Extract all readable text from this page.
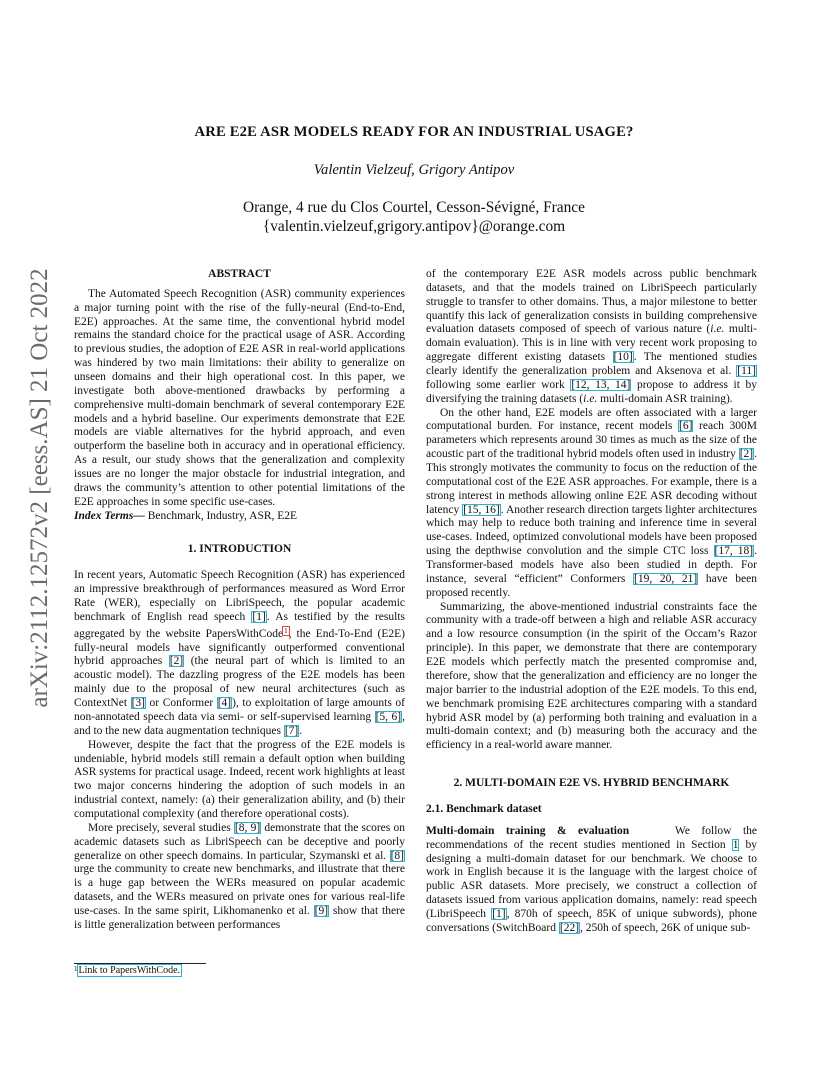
arXiv:2112.12572v2 [eess.AS] 21 Oct 2022
ARE E2E ASR MODELS READY FOR AN INDUSTRIAL USAGE?
Valentin Vielzeuf, Grigory Antipov
Orange, 4 rue du Clos Courtel, Cesson-Sévigné, France
{valentin.vielzeuf,grigory.antipov}@orange.com
ABSTRACT

The Automated Speech Recognition (ASR) community experiences a major turning point with the rise of the fully-neural (End-to-End, E2E) approaches. At the same time, the conventional hybrid model remains the standard choice for the practical usage of ASR. According to previous studies, the adoption of E2E ASR in real-world applications was hindered by two main limitations: their ability to generalize on unseen domains and their high operational cost. In this paper, we investigate both above-mentioned drawbacks by performing a comprehensive multi-domain benchmark of several contemporary E2E models and a hybrid baseline. Our experiments demonstrate that E2E models are viable alternatives for the hybrid approach, and even outperform the baseline both in accuracy and in operational efficiency. As a result, our study shows that the generalization and complexity issues are no longer the major obstacle for industrial integration, and draws the community’s attention to other potential limitations of the E2E approaches in some specific use-cases.

Index Terms— Benchmark, Industry, ASR, E2E

1. INTRODUCTION

In recent years, Automatic Speech Recognition (ASR) has experienced an impressive breakthrough of performances measured as Word Error Rate (WER), especially on LibriSpeech, the popular academic benchmark of English read speech [1]. As testified by the results aggregated by the website PapersWithCode$^1$, the End-To-End (E2E) fully-neural models have significantly outperformed conventional hybrid approaches [2] (the neural part of which is limited to an acoustic model). The dazzling progress of the E2E models has been mainly due to the proposal of new neural architectures (such as ContextNet [3] or Conformer [4]), to exploitation of large amounts of non-annotated speech data via semi- or self-supervised learning [5, 6], and to the new data augmentation techniques [7].

However, despite the fact that the progress of the E2E models is undeniable, hybrid models still remain a default option when building ASR systems for practical usage. Indeed, recent work highlights at least two major concerns hindering the adoption of such models in an industrial context, namely: (a) their generalization ability, and (b) their computational complexity (and therefore operational costs).

More precisely, several studies [8, 9] demonstrate that the scores on academic datasets such as LibriSpeech can be deceptive and poorly generalize on other speech domains. In particular, Szymanski et al. [8] urge the community to create new benchmarks, and illustrate that there is a huge gap between the WERs measured on popular academic datasets, and the WERs measured on private ones for various real-life use-cases. In the same spirit, Likhomanenko et al. [9] show that there is little generalization between performances

of the contemporary E2E ASR models across public benchmark datasets, and that the models trained on LibriSpeech particularly struggle to transfer to other domains. Thus, a major milestone to better quantify this lack of generalization consists in building comprehensive evaluation datasets composed of speech of various nature (i.e. multi-domain evaluation). This is in line with very recent work proposing to aggregate different existing datasets [10]. The mentioned studies clearly identify the generalization problem and Aksenova et al. [11] following some earlier work [12, 13, 14] propose to address it by diversifying the training datasets (i.e. multi-domain ASR training).

On the other hand, E2E models are often associated with a larger computational burden. For instance, recent models [6] reach 300M parameters which represents around 30 times as much as the size of the acoustic part of the traditional hybrid models often used in industry [2]. This strongly motivates the community to focus on the reduction of the computational cost of the E2E ASR approaches. For example, there is a strong interest in methods allowing online E2E ASR decoding without latency [15, 16]. Another research direction targets lighter architectures which may help to reduce both training and inference time in several use-cases. Indeed, optimized convolutional models have been proposed using the depthwise convolution and the simple CTC loss [17, 18]. Transformer-based models have also been studied in depth. For instance, several “efficient” Conformers [19, 20, 21] have been proposed recently.

Summarizing, the above-mentioned industrial constraints face the community with a trade-off between a high and reliable ASR accuracy and a low resource consumption (in the spirit of the Occam’s Razor principle). In this paper, we demonstrate that there are contemporary E2E models which perfectly match the presented compromise and, therefore, show that the generalization and efficiency are no longer the major barrier to the industrial adoption of the E2E models. To this end, we benchmark promising E2E architectures comparing with a standard hybrid ASR model by (a) performing both training and evaluation in a multi-domain context; and (b) measuring both the accuracy and the efficiency in a real-world aware manner.

2. MULTI-DOMAIN E2E VS. HYBRID BENCHMARK
2.1. Benchmark dataset

Multi-domain training & evaluation    We follow the recommendations of the recent studies mentioned in Section 1 by designing a multi-domain dataset for our benchmark. We choose to work in English because it is the language with the largest choice of public ASR datasets. More precisely, we construct a collection of datasets issued from various application domains, namely: read speech (LibriSpeech [1], 870h of speech, 85K of unique subwords), phone conversations (SwitchBoard [22], 250h of speech, 26K of unique sub-

$^1$Link to PapersWithCode.
